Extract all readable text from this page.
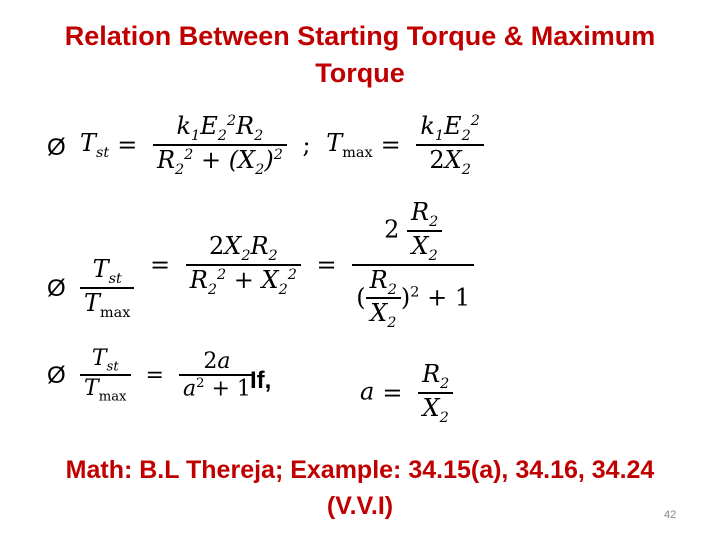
Relation Between Starting Torque & Maximum
Torque
Ø $T_{st} = \frac{k_1E_2^2R_2}{R_2^2 + (X_2)^2}$ ; $T_{max} = \frac{k_1E_2^2}{2X_2}$
Ø $\frac{T_{st}}{T_{max}} = \frac{2X_2R_2}{R_2^2 + X_2^2} = \frac{2 \frac{R_2}{X_2}}{( \frac{R_2}{X_2} )^2 + 1}$
Ø $\frac{T_{st}}{T_{max}} = \frac{2a}{a^2 + 1}$
If,	$a = \frac{R_2}{X_2}$
Math: B.L Thereja; Example: 34.15(a), 34.16, 34.24
(V.V.I)	42
